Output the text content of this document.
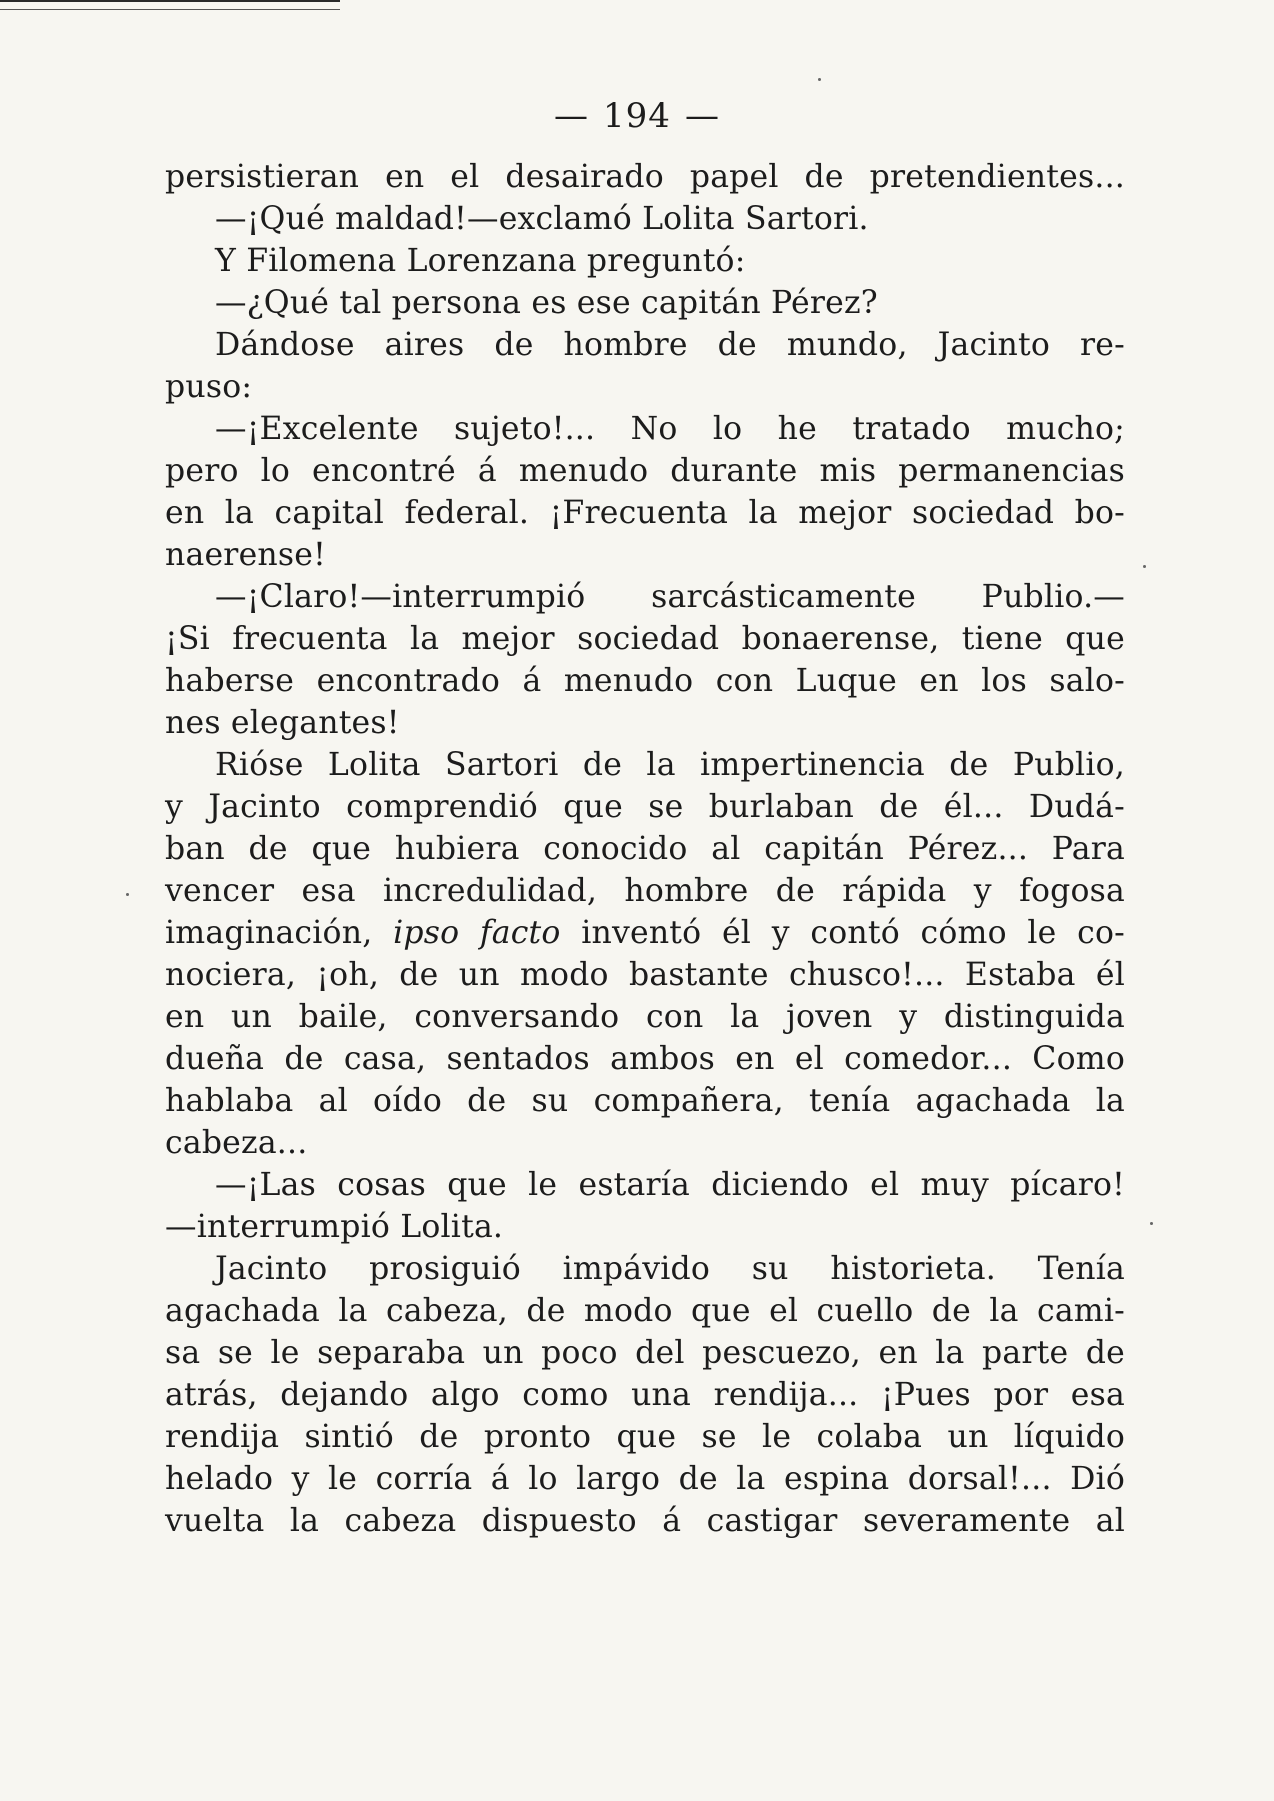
— 194 —
persistieran en el desairado papel de pretendientes...
—¡Qué maldad!—exclamó Lolita Sartori.
Y Filomena Lorenzana preguntó:
—¿Qué tal persona es ese capitán Pérez?
Dándose aires de hombre de mundo, Jacinto re-
puso:
—¡Excelente sujeto!... No lo he tratado mucho;
pero lo encontré á menudo durante mis permanencias
en la capital federal. ¡Frecuenta la mejor sociedad bo-
naerense!
—¡Claro!—interrumpió sarcásticamente Publio.—
¡Si frecuenta la mejor sociedad bonaerense, tiene que
haberse encontrado á menudo con Luque en los salo-
nes elegantes!
Rióse Lolita Sartori de la impertinencia de Publio,
y Jacinto comprendió que se burlaban de él... Dudá-
ban de que hubiera conocido al capitán Pérez... Para
vencer esa incredulidad, hombre de rápida y fogosa
imaginación, ipso facto inventó él y contó cómo le co-
nociera, ¡oh, de un modo bastante chusco!... Estaba él
en un baile, conversando con la joven y distinguida
dueña de casa, sentados ambos en el comedor... Como
hablaba al oído de su compañera, tenía agachada la
cabeza...
—¡Las cosas que le estaría diciendo el muy pícaro!
—interrumpió Lolita.
Jacinto prosiguió impávido su historieta. Tenía
agachada la cabeza, de modo que el cuello de la cami-
sa se le separaba un poco del pescuezo, en la parte de
atrás, dejando algo como una rendija... ¡Pues por esa
rendija sintió de pronto que se le colaba un líquido
helado y le corría á lo largo de la espina dorsal!... Dió
vuelta la cabeza dispuesto á castigar severamente al
